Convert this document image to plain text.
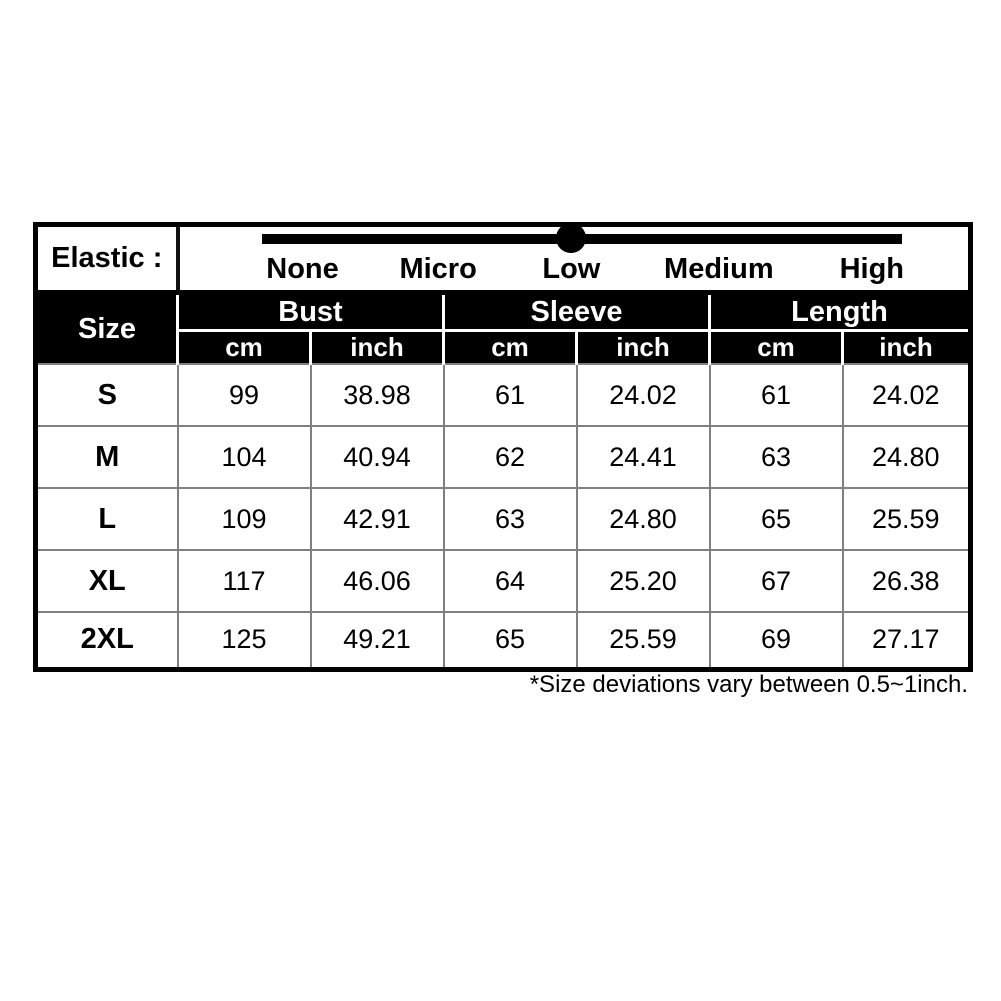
Elastic :	None Micro Low Medium High					

Size	Bust		Sleeve		Length	
	cm	inch	cm	inch	cm	inch
S	99	38.98	61	24.02	61	24.02
M	104	40.94	62	24.41	63	24.80
L	109	42.91	63	24.80	65	25.59
XL	117	46.06	64	25.20	67	26.38
2XL	125	49.21	65	25.59	69	27.17
*Size deviations vary between 0.5~1inch.
